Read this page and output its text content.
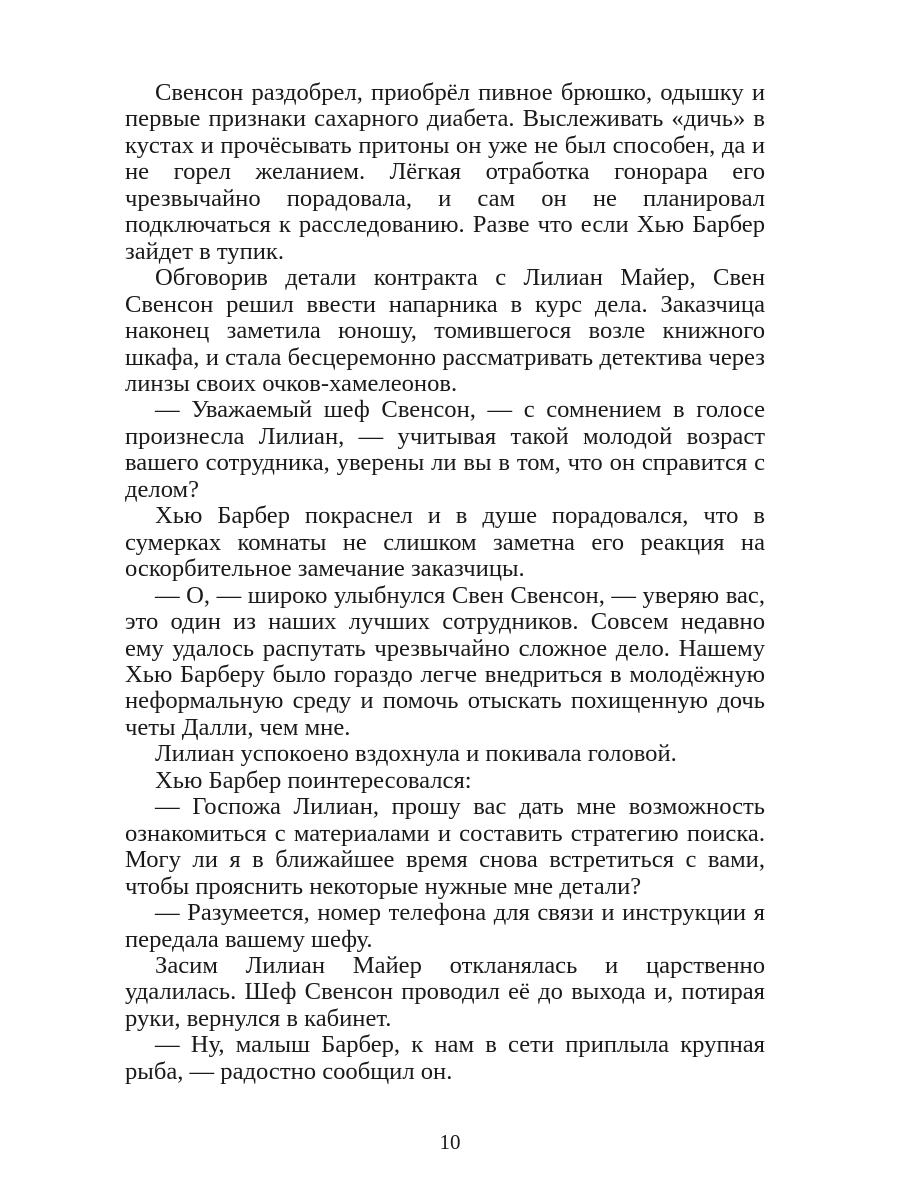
Свенсон раздобрел, приобрёл пивное брюшко, одышку и первые признаки сахарного диабета. Выслеживать «дичь» в кустах и прочёсывать притоны он уже не был способен, да и не горел желанием. Лёгкая отработка гонорара его чрезвычайно порадовала, и сам он не планировал подключаться к расследованию. Разве что если Хью Барбер зайдет в тупик.

Обговорив детали контракта с Лилиан Майер, Свен Свенсон решил ввести напарника в курс дела. Заказчица наконец заметила юношу, томившегося возле книжного шкафа, и стала бесцеремонно рассматривать детектива через линзы своих очков-хамелеонов.

— Уважаемый шеф Свенсон, — с сомнением в голосе произнесла Лилиан, — учитывая такой молодой возраст вашего сотрудника, уверены ли вы в том, что он справится с делом?

Хью Барбер покраснел и в душе порадовался, что в сумерках комнаты не слишком заметна его реакция на оскорбительное замечание заказчицы.

— О, — широко улыбнулся Свен Свенсон, — уверяю вас, это один из наших лучших сотрудников. Совсем недавно ему удалось распутать чрезвычайно сложное дело. Нашему Хью Барберу было гораздо легче внедриться в молодёжную неформальную среду и помочь отыскать похищенную дочь четы Далли, чем мне.

Лилиан успокоено вздохнула и покивала головой.

Хью Барбер поинтересовался:

— Госпожа Лилиан, прошу вас дать мне возможность ознакомиться с материалами и составить стратегию поиска. Могу ли я в ближайшее время снова встретиться с вами, чтобы прояснить некоторые нужные мне детали?

— Разумеется, номер телефона для связи и инструкции я передала вашему шефу.

Засим Лилиан Майер откланялась и царственно удалилась. Шеф Свенсон проводил её до выхода и, потирая руки, вернулся в кабинет.

— Ну, малыш Барбер, к нам в сети приплыла крупная рыба, — радостно сообщил он.

10
